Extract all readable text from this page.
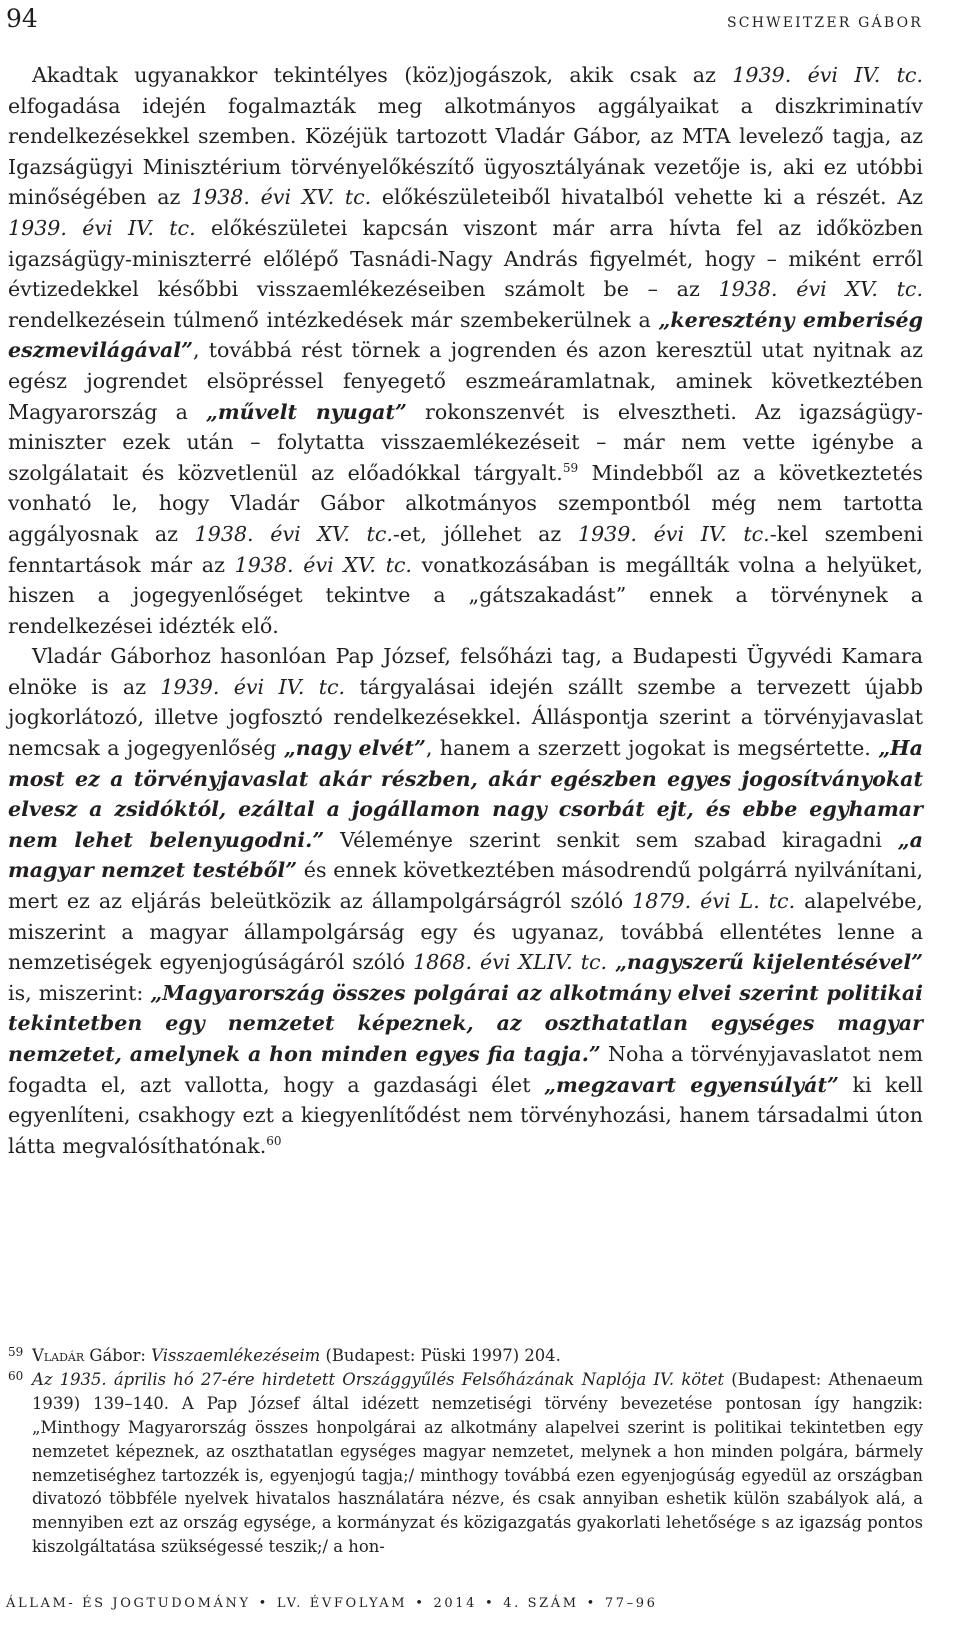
94	SCHWEITZER GÁBOR

Akadtak ugyanakkor tekintélyes (köz)jogászok, akik csak az 1939. évi IV. tc. elfogadása idején fogalmazták meg alkotmányos aggályaikat a diszkriminatív rendelkezésekkel szemben. Közéjük tartozott Vladár Gábor, az MTA levelező tagja, az Igazságügyi Minisztérium törvényelőkészítő ügyosztályának vezetője is, aki ez utóbbi minőségében az 1938. évi XV. tc. előkészületeiből hivatalból vehette ki a részét. Az 1939. évi IV. tc. előkészületei kapcsán viszont már arra hívta fel az időközben igazságügy-miniszterré előlépő Tasnádi-Nagy András figyelmét, hogy – miként erről évtizedekkel későbbi visszaemlékezéseiben számolt be – az 1938. évi XV. tc. rendelkezésein túlmenő intézkedések már szembekerülnek a „keresztény emberiség eszmevilágával”, továbbá rést törnek a jogrenden és azon keresztül utat nyitnak az egész jogrendet elsöpréssel fenyegető eszmeáramlatnak, aminek következtében Magyarország a „művelt nyugat” rokonszenvét is elvesztheti. Az igazságügy-miniszter ezek után – folytatta visszaemlékezéseit – már nem vette igénybe a szolgálatait és közvetlenül az előadókkal tárgyalt.$^{59}$ Mindebből az a következtetés vonható le, hogy Vladár Gábor alkotmányos szempontból még nem tartotta aggályosnak az 1938. évi XV. tc.-et, jóllehet az 1939. évi IV. tc.-kel szembeni fenntartások már az 1938. évi XV. tc. vonatkozásában is megállták volna a helyüket, hiszen a jogegyenlőséget tekintve a „gátszakadást” ennek a törvénynek a rendelkezései idézték elő.

Vladár Gáborhoz hasonlóan Pap József, felsőházi tag, a Budapesti Ügyvédi Kamara elnöke is az 1939. évi IV. tc. tárgyalásai idején szállt szembe a tervezett újabb jogkorlátozó, illetve jogfosztó rendelkezésekkel. Álláspontja szerint a törvényjavaslat nemcsak a jogegyenlőség „nagy elvét”, hanem a szerzett jogokat is megsértette. „Ha most ez a törvényjavaslat akár részben, akár egészben egyes jogosítványokat elvesz a zsidóktól, ezáltal a jogállamon nagy csorbát ejt, és ebbe egyhamar nem lehet belenyugodni.” Véleménye szerint senkit sem szabad kiragadni „a magyar nemzet testéből” és ennek következtében másodrendű polgárrá nyilvánítani, mert ez az eljárás beleütközik az állampolgárságról szóló 1879. évi L. tc. alapelvébe, miszerint a magyar állampolgárság egy és ugyanaz, továbbá ellentétes lenne a nemzetiségek egyenjogúságáról szóló 1868. évi XLIV. tc. „nagyszerű kijelentésével” is, miszerint: „Magyarország összes polgárai az alkotmány elvei szerint politikai tekintetben egy nemzetet képeznek, az oszthatatlan egységes magyar nemzetet, amelynek a hon minden egyes fia tagja.” Noha a törvényjavaslatot nem fogadta el, azt vallotta, hogy a gazdasági élet „megzavart egyensúlyát” ki kell egyenlíteni, csakhogy ezt a kiegyenlítődést nem törvényhozási, hanem társadalmi úton látta megvalósíthatónak.$^{60}$

59 Vladár Gábor: Visszaemlékezéseim (Budapest: Püski 1997) 204.
60 Az 1935. április hó 27-ére hirdetett Országgyűlés Felsőházának Naplója IV. kötet (Budapest: Athenaeum 1939) 139–140. A Pap József által idézett nemzetiségi törvény bevezetése pontosan így hangzik: „Minthogy Magyarország összes honpolgárai az alkotmány alapelvei szerint is politikai tekintetben egy nemzetet képeznek, az oszthatatlan egységes magyar nemzetet, melynek a hon minden polgára, bármely nemzetiséghez tartozzék is, egyenjogú tagja;/ minthogy továbbá ezen egyenjogúság egyedül az országban divatozó többféle nyelvek hivatalos használatára nézve, és csak annyiban eshetik külön szabályok alá, a mennyiben ezt az ország egysége, a kormányzat és közigazgatás gyakorlati lehetősége s az igazság pontos kiszolgáltatása szükségessé teszik;/ a hon-
ÁLLAM- ÉS JOGTUDOMÁNY • LV. ÉVFOLYAM • 2014 • 4. SZÁM • 77–96
